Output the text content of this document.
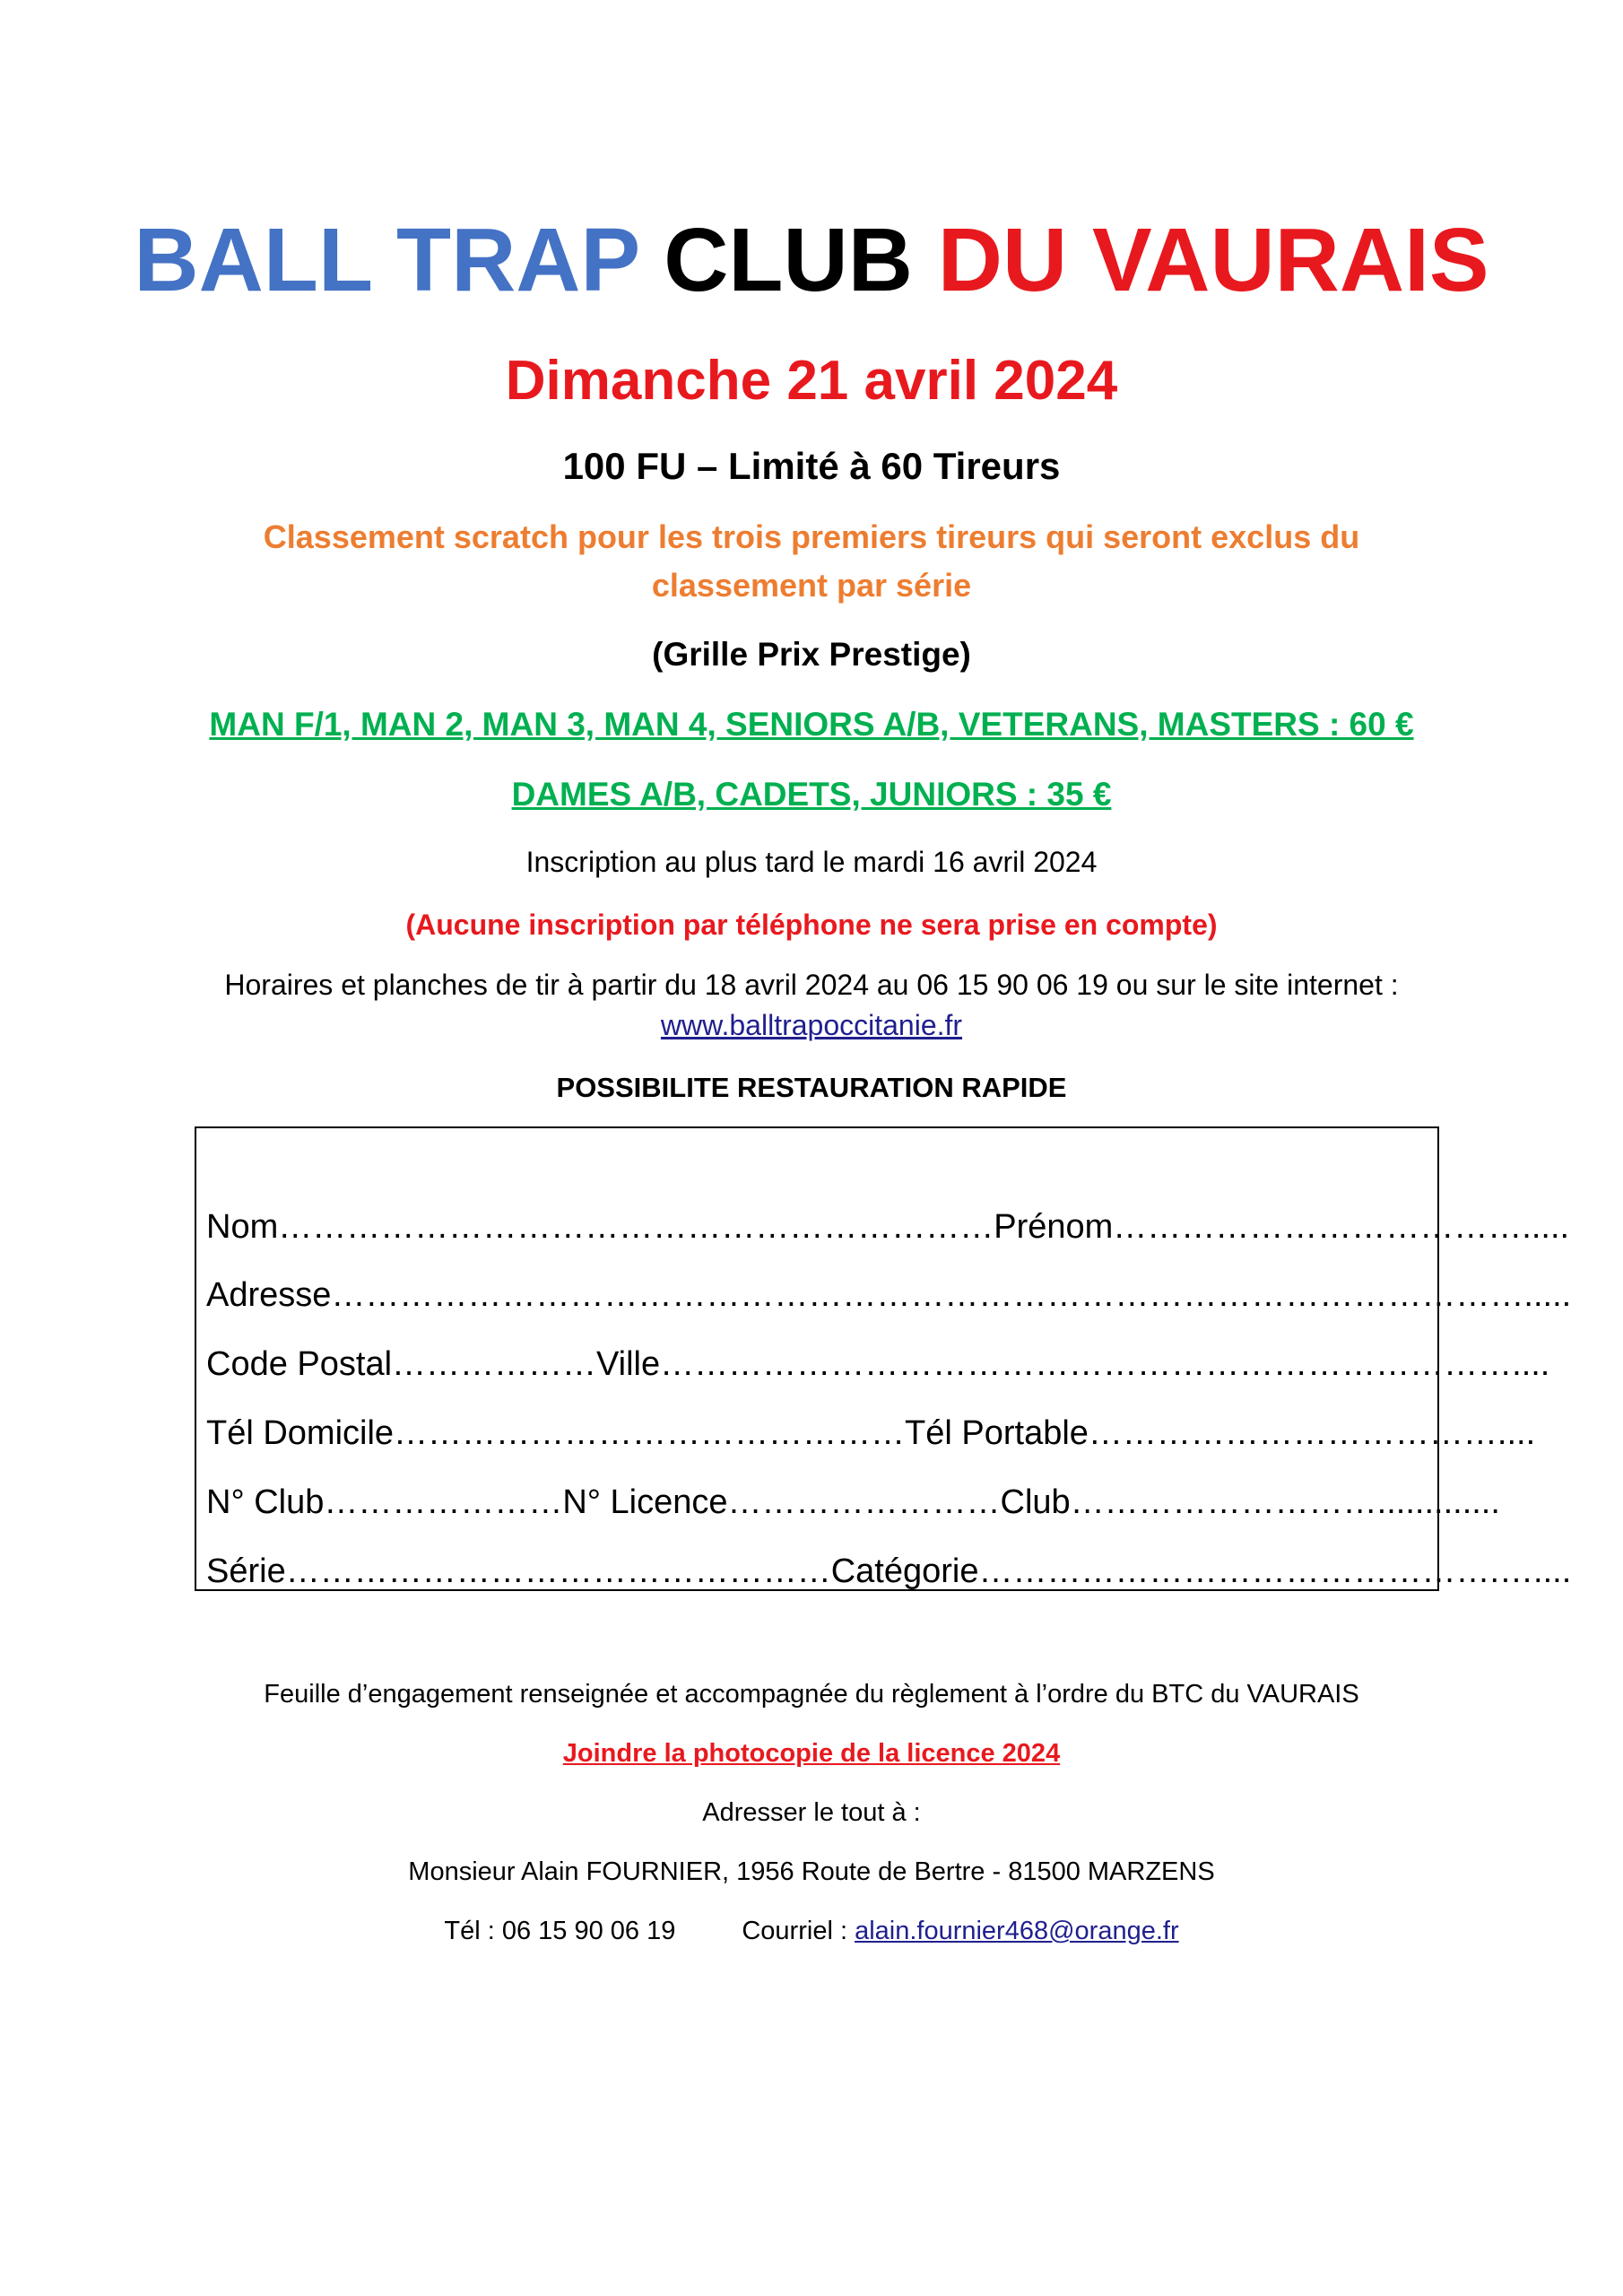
BALL TRAP CLUB DU VAURAIS
Dimanche 21 avril 2024
100 FU – Limité à 60 Tireurs
Classement scratch pour les trois premiers tireurs qui seront exclus du classement par série
(Grille Prix Prestige)
MAN F/1, MAN 2, MAN 3, MAN 4, SENIORS A/B, VETERANS, MASTERS : 60 €
DAMES A/B, CADETS, JUNIORS : 35 €
Inscription au plus tard le mardi 16 avril 2024
(Aucune inscription par téléphone ne sera prise en compte)
Horaires et planches de tir à partir du 18 avril 2024 au 06 15 90 06 19 ou sur le site internet :
www.balltrapoccitanie.fr
POSSIBILITE RESTAURATION RAPIDE
Nom………………………………………………………Prénom……………………………….....
Adresse…………………………………………………………………………………………….....
Code Postal………………Ville…………………………………………………………………....
Tél Domicile………………………………………Tél Portable………………………………....
N° Club…………………N° Licence……………………Club……………………….............
Série…………………………………………Catégorie……………………………………….…....
Feuille d’engagement renseignée et accompagnée du règlement à l’ordre du BTC du VAURAIS
Joindre la photocopie de la licence 2024
Adresser le tout à :
Monsieur Alain FOURNIER, 1956 Route de Bertre - 81500 MARZENS
Tél : 06 15 90 06 19	Courriel : alain.fournier468@orange.fr
